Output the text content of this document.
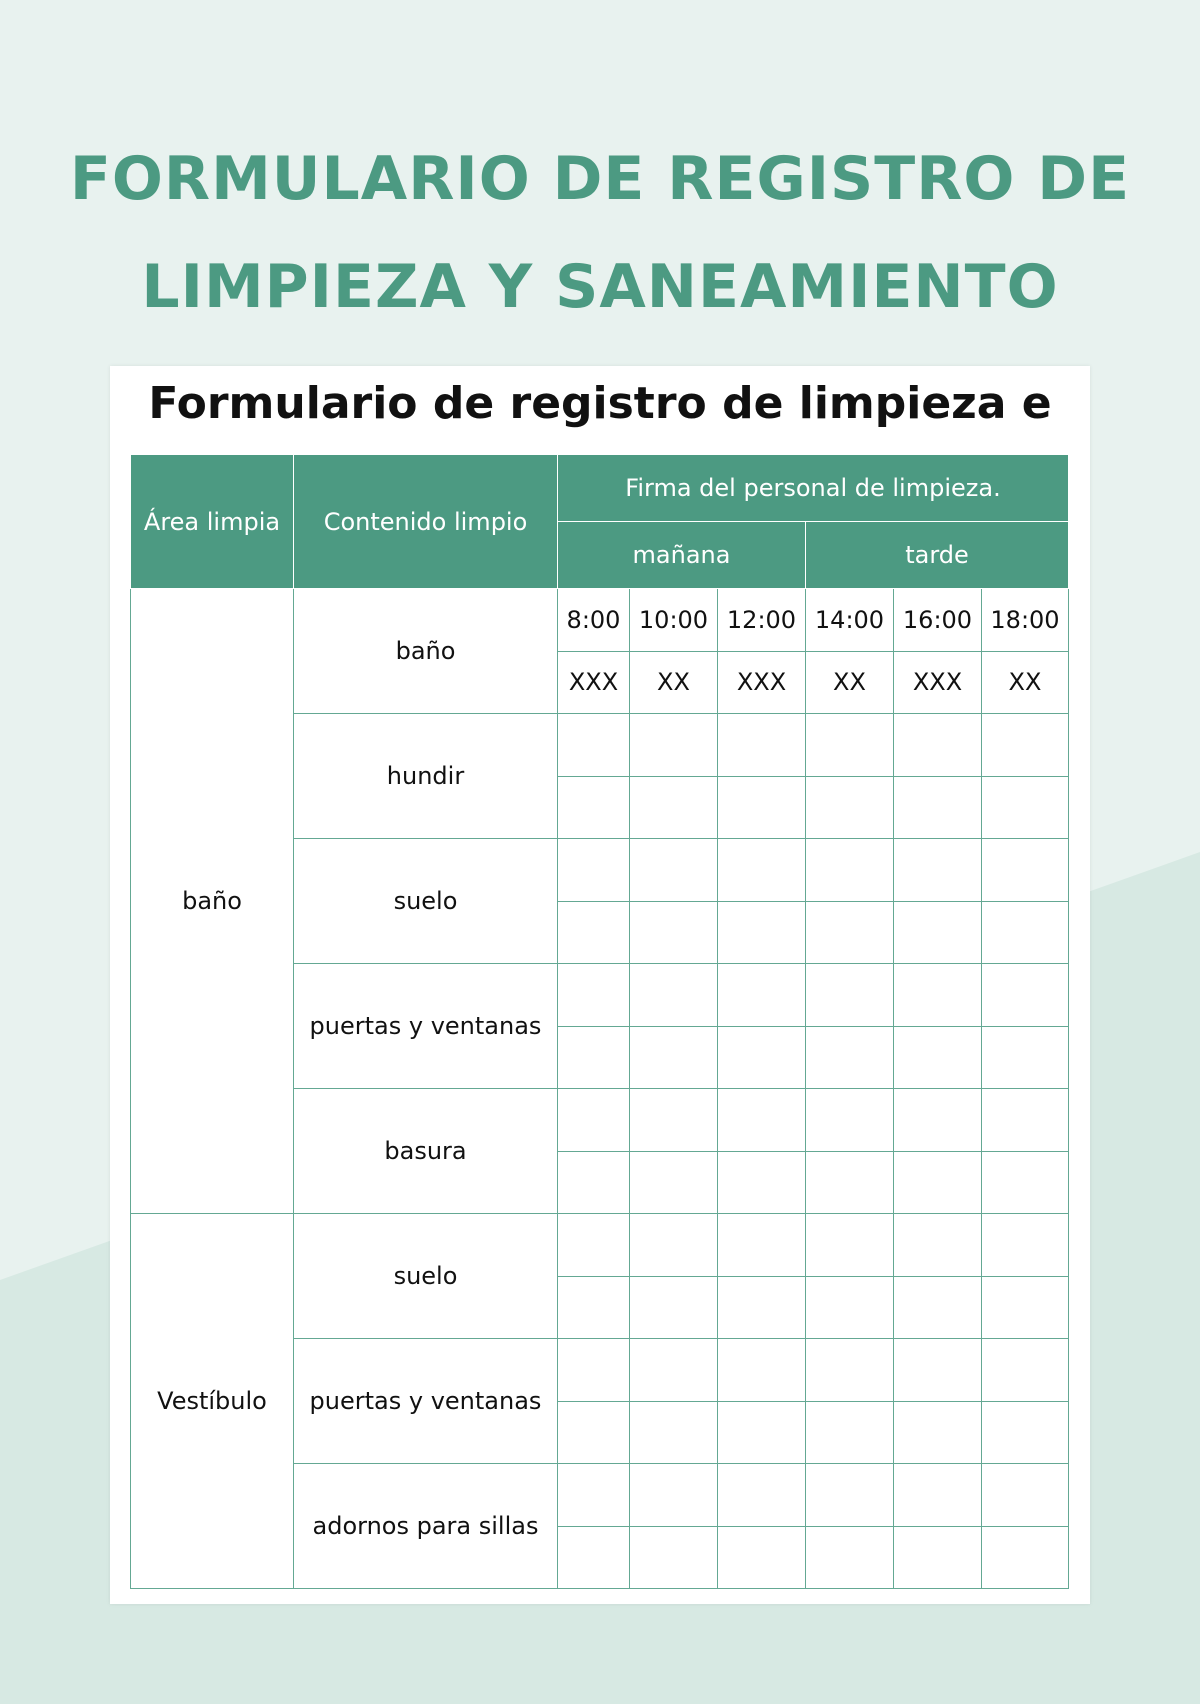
FORMULARIO DE REGISTRO DE
LIMPIEZA Y SANEAMIENTO
Formulario de registro de limpieza e
Área limpia	Contenido limpio	Firma del personal de limpieza.					
		mañana			tarde		
baño	baño	8:00	10:00	12:00	14:00	16:00	18:00
		XXX	XX	XXX	XX	XXX	XX
	hundir						

	suelo						

	puertas y ventanas						

	basura						

Vestíbulo	suelo						

	puertas y ventanas						

	adornos para sillas						
